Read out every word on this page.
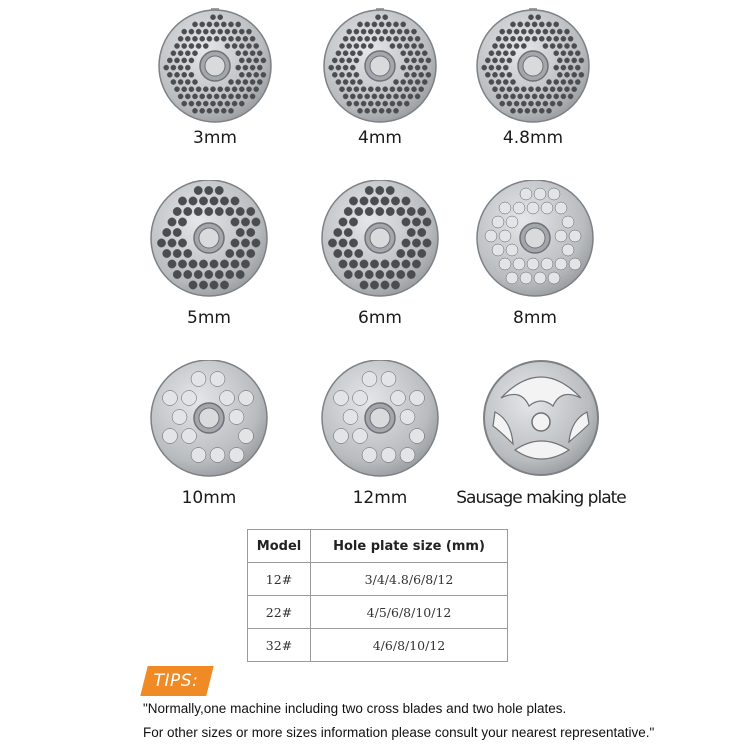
3mm	4mm	4.8mm
5mm	6mm	8mm
10mm	12mm	Sausage making plate
Model	Hole plate size (mm)
12#	3/4/4.8/6/8/12
22#	4/5/6/8/10/12
32#	4/6/8/10/12
TIPS:
"Normally,one machine including two cross blades and two hole plates.
For other sizes or more sizes information please consult your nearest representative."
